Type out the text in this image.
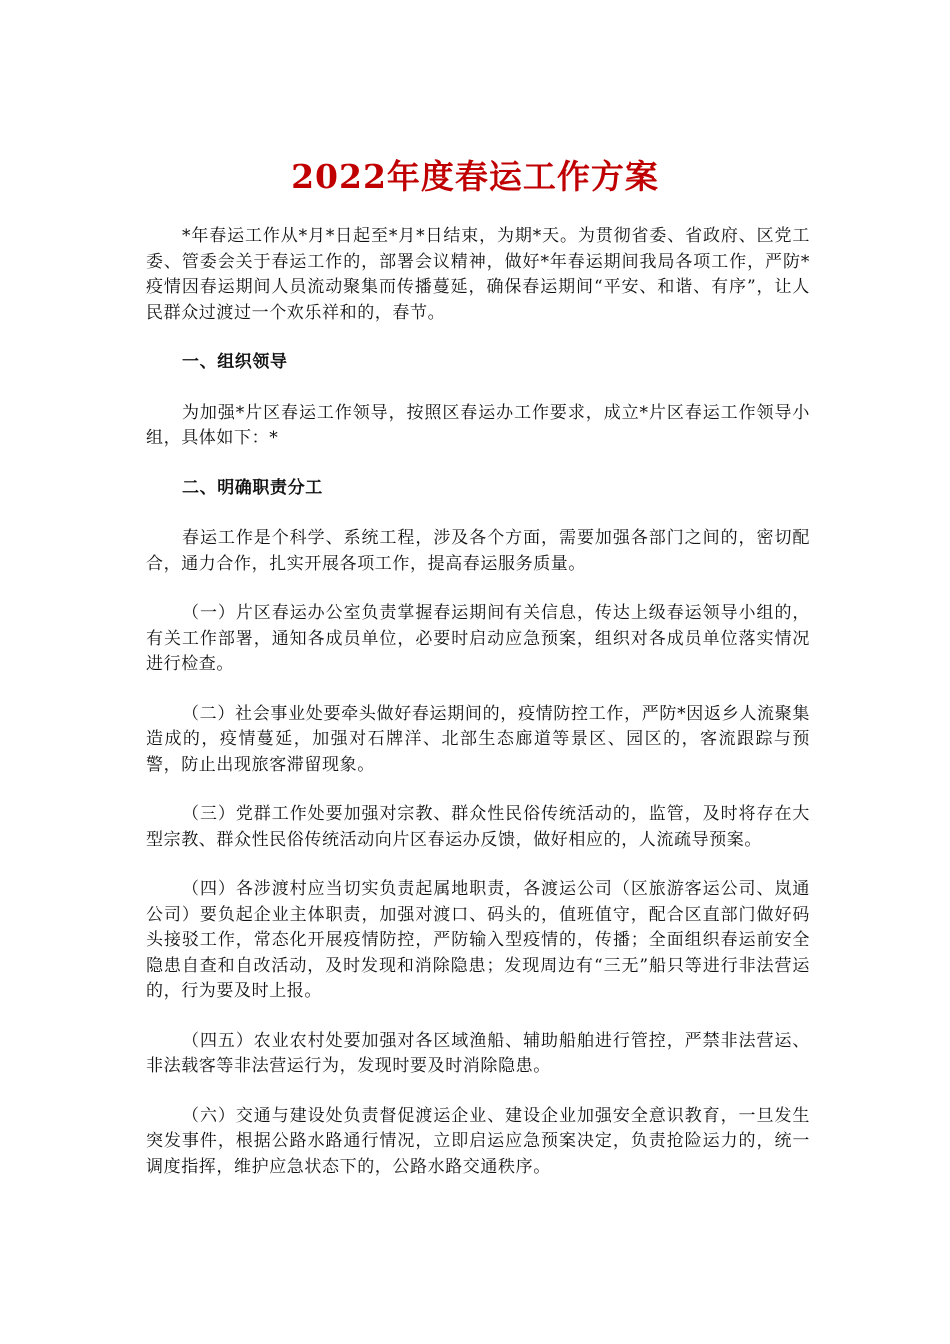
2022年度春运工作方案

*年春运工作从*月*日起至*月*日结束，为期*天。为贯彻省委、省政府、区党工委、管委会关于春运工作的，部署会议精神，做好*年春运期间我局各项工作，严防*疫情因春运期间人员流动聚集而传播蔓延，确保春运期间“平安、和谐、有序”，让人民群众过渡过一个欢乐祥和的，春节。

一、组织领导

为加强*片区春运工作领导，按照区春运办工作要求，成立*片区春运工作领导小组，具体如下：*

二、明确职责分工

春运工作是个科学、系统工程，涉及各个方面，需要加强各部门之间的，密切配合，通力合作，扎实开展各项工作，提高春运服务质量。

（一）片区春运办公室负责掌握春运期间有关信息，传达上级春运领导小组的，有关工作部署，通知各成员单位，必要时启动应急预案，组织对各成员单位落实情况进行检查。

（二）社会事业处要牵头做好春运期间的，疫情防控工作，严防*因返乡人流聚集造成的，疫情蔓延，加强对石牌洋、北部生态廊道等景区、园区的，客流跟踪与预警，防止出现旅客滞留现象。

（三）党群工作处要加强对宗教、群众性民俗传统活动的，监管，及时将存在大型宗教、群众性民俗传统活动向片区春运办反馈，做好相应的，人流疏导预案。

（四）各涉渡村应当切实负责起属地职责，各渡运公司（区旅游客运公司、岚通公司）要负起企业主体职责，加强对渡口、码头的，值班值守，配合区直部门做好码头接驳工作，常态化开展疫情防控，严防输入型疫情的，传播；全面组织春运前安全隐患自查和自改活动，及时发现和消除隐患；发现周边有“三无”船只等进行非法营运的，行为要及时上报。

（四五）农业农村处要加强对各区域渔船、辅助船舶进行管控，严禁非法营运、非法载客等非法营运行为，发现时要及时消除隐患。

（六）交通与建设处负责督促渡运企业、建设企业加强安全意识教育，一旦发生突发事件，根据公路水路通行情况，立即启运应急预案决定，负责抢险运力的，统一调度指挥，维护应急状态下的，公路水路交通秩序。
